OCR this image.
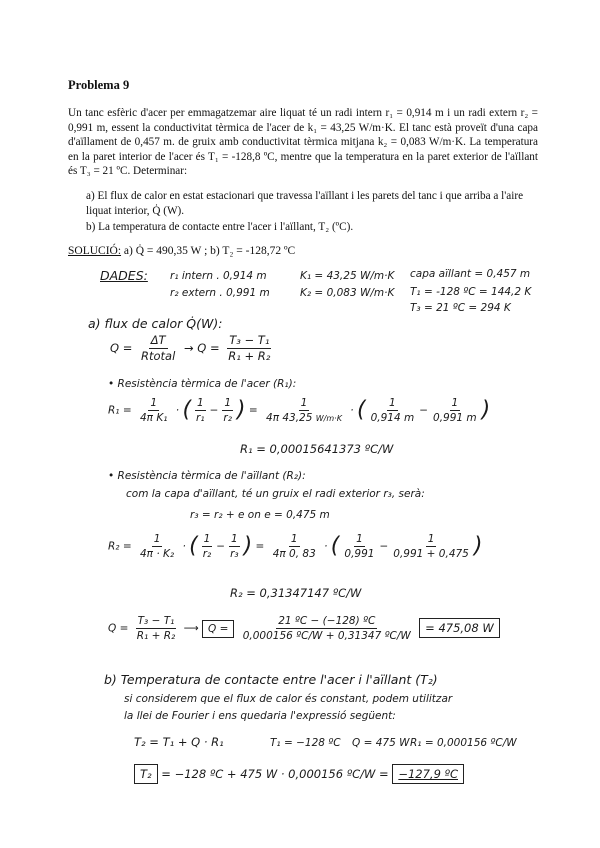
Problema 9
Un tanc esfèric d'acer per emmagatzemar aire liquat té un radi intern r₁ = 0,914 m i un radi extern r₂ = 0,991 m, essent la conductivitat tèrmica de l'acer de k₁ = 43,25 W/m·K. El tanc està proveït d'una capa d'aïllament de 0,457 m. de gruix amb conductivitat tèrmica mitjana k₂ = 0,083 W/m·K. La temperatura en la paret interior de l'acer és T₁ = -128,8 ºC, mentre que la temperatura en la paret exterior de l'aïllant és T₃ = 21 ºC. Determinar:
a) El flux de calor en estat estacionari que travessa l'aïllant i les parets del tanc i que arriba a l'aire liquat interior, Q̇ (W).
b) La temperatura de contacte entre l'acer i l'aïllant, T₂ (ºC).
SOLUCIÓ: a) Q̇ = 490,35 W ; b) T₂ = -128,72 ºC
DADES: r₁ intern . 0,914 m
r₂ extern . 0,991 m
K₁ = 43,25 W/m·K
K₂ = 0,083 W/m·K
capa aïllant = 0,457 m
T₁ = -128 ºC = 144,2 K
T₃ = 21 ºC = 294 K
a) flux de calor Q̇(W):
$Q = \frac{\Delta T}{\text{Rtotal}} \to Q = \frac{\text{T₃ − T₁}}{\text{R₁ + R₂}}$
• Resistència tèrmica de l'acer (R₁):
$R_1 = \frac{1}{\text{4π K₁}}$ · ( $\frac{1}{\text{r₁}} - \frac{1}{\text{r₂}}$ ) = $\frac{1}{4\pi 43,25 W/m\cdot K}$ · ( $\frac{1}{0,914 m} - \frac{1}{0,991 m}$ )
R₁ = 0,00015641373 ºC/W
• Resistència tèrmica de l'aïllant (R₂):
com la capa d'aïllant, té un gruix el radi exterior r₃, serà:
r₃ = r₂ + e on e = 0,475 m
$R_2 = \frac{1}{\text{4π · K₂}}$ · ( $\frac{1}{\text{r₂}} - \frac{1}{\text{r₃}}$ ) = $\frac{1}{4\pi 0, 83}$ · ( $\frac{1}{0,991} - \frac{1}{0,991 + 0,475}$ )
R₂ = 0,31347147 ºC/W
$Q = \frac{\text{T₃ − T₁}}{\text{R₁ + R₂}}$ ⟶ $Q = \frac{\text{21 ºC − (−128) ºC}}{\text{0,000156 ºC/W + 0,31347 ºC/W}} = 475,08$ W
b) Temperatura de contacte entre l'acer i l'aïllant (T₂)
si considerem que el flux de calor és constant, podem utilitzar
la llei de Fourier i ens quedaria l'expressió següent:
T₂ = T₁ + Q · R₁	T₁ = −128 ºC Q = 475 W R₁ = 0,000156 ºC/W
T₂ = −128 ºC + 475 W · 0,000156 ºC/W = −127,9 ºC
